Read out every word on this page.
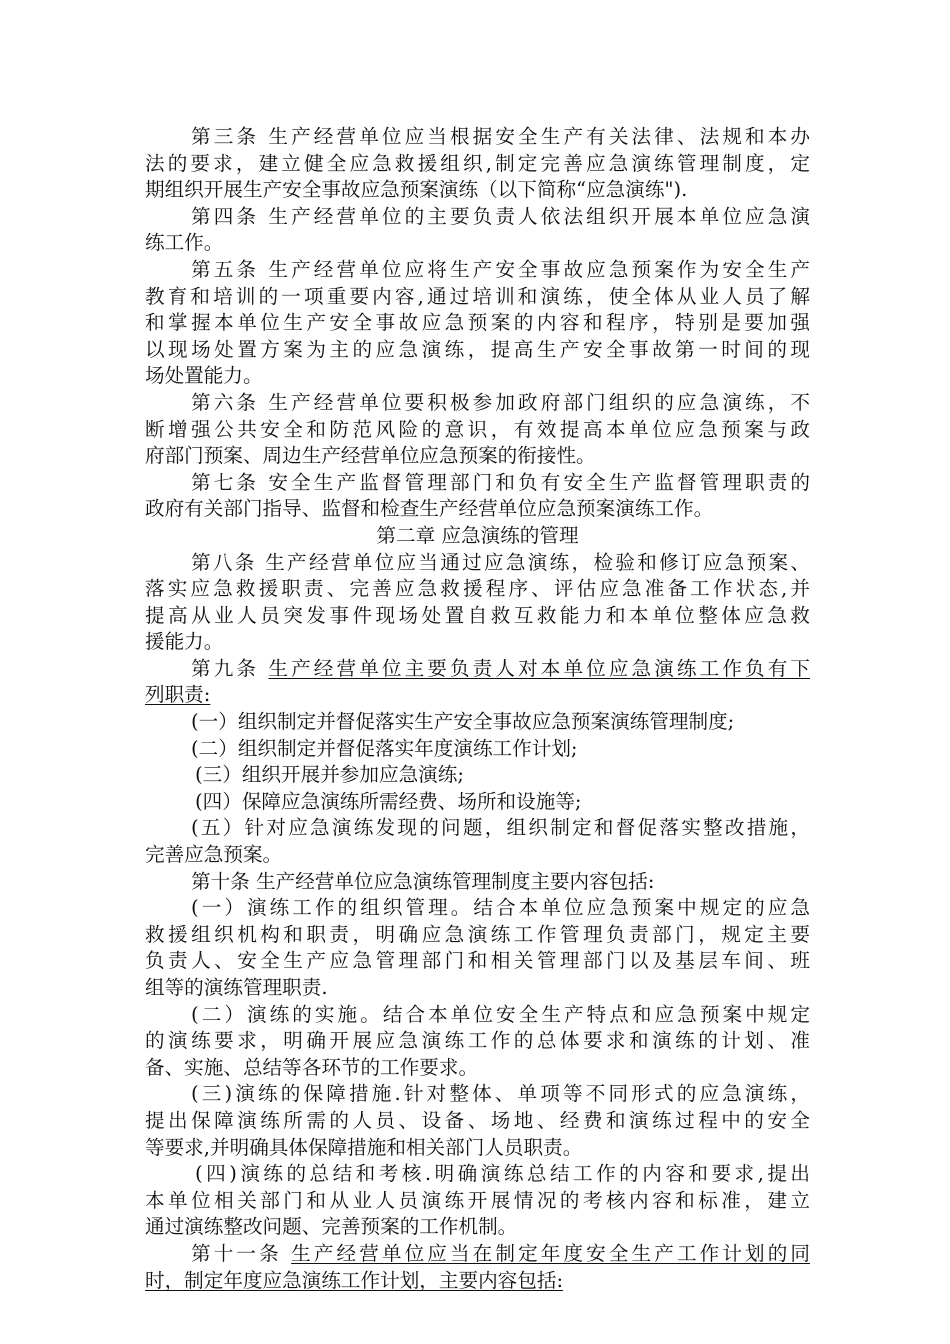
第三条 生产经营单位应当根据安全生产有关法律、法规和本办
法的要求，建立健全应急救援组织,制定完善应急演练管理制度，定
期组织开展生产安全事故应急预案演练（以下简称“应急演练").
第四条 生产经营单位的主要负责人依法组织开展本单位应急演
练工作。
第五条 生产经营单位应将生产安全事故应急预案作为安全生产
教育和培训的一项重要内容,通过培训和演练，使全体从业人员了解
和掌握本单位生产安全事故应急预案的内容和程序，特别是要加强
以现场处置方案为主的应急演练，提高生产安全事故第一时间的现
场处置能力。
第六条 生产经营单位要积极参加政府部门组织的应急演练，不
断增强公共安全和防范风险的意识，有效提高本单位应急预案与政
府部门预案、周边生产经营单位应急预案的衔接性。
第七条 安全生产监督管理部门和负有安全生产监督管理职责的
政府有关部门指导、监督和检查生产经营单位应急预案演练工作。
第二章 应急演练的管理
第八条 生产经营单位应当通过应急演练，检验和修订应急预案、
落实应急救援职责、完善应急救援程序、评估应急准备工作状态,并
提高从业人员突发事件现场处置自救互救能力和本单位整体应急救
援能力。
第九条 生产经营单位主要负责人对本单位应急演练工作负有下
列职责:
(一）组织制定并督促落实生产安全事故应急预案演练管理制度;
(二）组织制定并督促落实年度演练工作计划;
(三）组织开展并参加应急演练;
(四）保障应急演练所需经费、场所和设施等;
(五）针对应急演练发现的问题，组织制定和督促落实整改措施，
完善应急预案。
第十条 生产经营单位应急演练管理制度主要内容包括:
(一）演练工作的组织管理。结合本单位应急预案中规定的应急
救援组织机构和职责，明确应急演练工作管理负责部门，规定主要
负责人、安全生产应急管理部门和相关管理部门以及基层车间、班
组等的演练管理职责.
(二）演练的实施。结合本单位安全生产特点和应急预案中规定
的演练要求，明确开展应急演练工作的总体要求和演练的计划、准
备、实施、总结等各环节的工作要求。
(三)演练的保障措施.针对整体、单项等不同形式的应急演练，
提出保障演练所需的人员、设备、场地、经费和演练过程中的安全
等要求,并明确具体保障措施和相关部门人员职责。
(四)演练的总结和考核.明确演练总结工作的内容和要求,提出
本单位相关部门和从业人员演练开展情况的考核内容和标准，建立
通过演练整改问题、完善预案的工作机制。
第十一条 生产经营单位应当在制定年度安全生产工作计划的同
时，制定年度应急演练工作计划，主要内容包括:
